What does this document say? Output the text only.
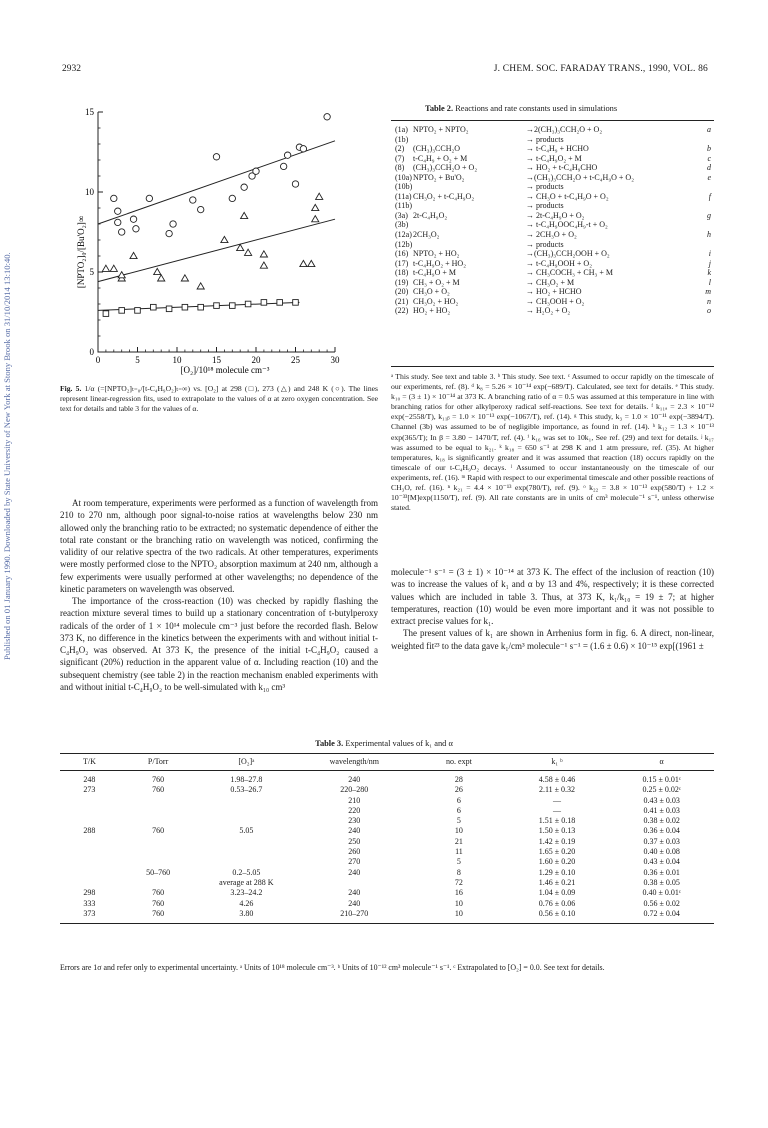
Published on 01 January 1990. Downloaded by State University of New York at Stony Brook on 31/10/2014 13:10:40.
2932	J. CHEM. SOC. FARADAY TRANS., 1990, VOL. 86
0	5	10	15	20	25	30
0
5
10
15
[O₂]/10¹⁸ molecule cm⁻³
[NPTO₂]₀/[Bu'O₂]∞
Fig. 5. 1/α (=[NPTO₂]ₜ₌₀/[t-C₄H₉O₂]ₜ₌∞) vs. [O₂] at 298 (□), 273 (△) and 248 K (○). The lines represent linear-regression fits, used to extrapolate to the values of α at zero oxygen concentration. See text for details and table 3 for the values of α.
Table 2. Reactions and rate constants used in simulations
(1a) NPTO₂ + NPTO₂	→2(CH₃)₃CCH₂O + O₂	a
(1b)	→ products
(2)	(CH₃)₃CCH₂O	→ t-C₄H₉ + HCHO	b
(7)	t-C₄H₉ + O₂ + M	→ t-C₄H₉O₂ + M	c
(8)	(CH₃)₃CCH₂O + O₂	→ HO₂ + t-C₄H₉CHO	d
(10a) NPTO₂ + Bu'O₂	→(CH₃)₃CCH₂O + t-C₄H₉O + O₂	e
(10b)	→ products
(11a) CH₃O₂ + t-C₄H₉O₂	→ CH₃O + t-C₄H₉O + O₂	f
(11b)	→ products
(3a) 2t-C₄H₉O₂	→ 2t-C₄H₉O + O₂	g
(3b)	→ t-C₄H₉OOC₄H₉-t + O₂
(12a) 2CH₃O₂	→ 2CH₃O + O₂	h
(12b)	→ products
(16) NPTO₂ + HO₂	→(CH₃)₃CCH₂OOH + O₂	i
(17) t-C₄H₉O₂ + HO₂	→ t-C₄H₉OOH + O₂	j
(18) t-C₄H₉O + M	→ CH₃COCH₃ + CH₃ + M	k
(19) CH₃ + O₂ + M	→ CH₃O₂ + M	l
(20) CH₃O + O₂	→ HO₂ + HCHO	m
(21) CH₃O₂ + HO₂	→ CH₃OOH + O₂	n
(22) HO₂ + HO₂	→ H₂O₂ + O₂	o
ᵃ This study. See text and table 3. ᵇ This study. See text. ᶜ Assumed to occur rapidly on the timescale of our experiments, ref. (8). ᵈ k₈ = 5.26 × 10⁻¹⁴ exp(−689/T). Calculated, see text for details. ᵉ This study. k₁₀ = (3 ± 1) × 10⁻¹⁴ at 373 K. A branching ratio of α = 0.5 was assumed at this temperature in line with branching ratios for other alkylperoxy radical self-reactions. See text for details. ᶠ k₁₁ₐ = 2.3 × 10⁻¹² exp(−2558/T), k₁₁ᵦ = 1.0 × 10⁻¹³ exp(−1067/T), ref. (14). ᵍ This study, k₃ = 1.0 × 10⁻¹¹ exp(−3894/T). Channel (3b) was assumed to be of negligible importance, as found in ref. (14). ʰ k₁₂ = 1.3 × 10⁻¹³ exp(365/T); In β = 3.80 − 1470/T, ref. (4). ⁱ k₁₆ was set to 10k₁, See ref. (29) and text for details. ʲ k₁₇ was assumed to be equal to k₂₁. ᵏ k₁₈ = 650 s⁻¹ at 298 K and 1 atm pressure, ref. (35). At higher temperatures, k₁₈ is significantly greater and it was assumed that reaction (18) occurs rapidly on the timescale of our t-C₄H₉O₂ decays. ˡ Assumed to occur instantaneously on the timescale of our experiments, ref. (16). ᵐ Rapid with respect to our experimental timescale and other possible reactions of CH₃O, ref. (16). ⁿ k₂₁ = 4.4 × 10⁻¹³ exp(780/T), ref. (9). ᵒ k₂₂ = 3.8 × 10⁻¹³ exp(580/T) + 1.2 × 10⁻³³[M]exp(1150/T), ref. (9). All rate constants are in units of cm³ molecule⁻¹ s⁻¹, unless otherwise stated.

At room temperature, experiments were performed as a function of wavelength from 210 to 270 nm, although poor signal-to-noise ratios at wavelengths below 230 nm allowed only the branching ratio to be extracted; no systematic dependence of either the total rate constant or the branching ratio on wavelength was noticed, confirming the validity of our relative spectra of the two radicals. At other temperatures, experiments were mostly performed close to the NPTO₂ absorption maximum at 240 nm, although a few experiments were usually performed at other wavelengths; no dependence of the kinetic parameters on wavelength was observed.

The importance of the cross-reaction (10) was checked by rapidly flashing the reaction mixture several times to build up a stationary concentration of t-butylperoxy radicals of the order of 1 × 10¹⁴ molecule cm⁻³ just before the recorded flash. Below 373 K, no difference in the kinetics between the experiments with and without initial t-C₄H₉O₂ was observed. At 373 K, the presence of the initial t-C₄H₉O₂ caused a significant (20%) reduction in the apparent value of α. Including reaction (10) and the subsequent chemistry (see table 2) in the reaction mechanism enabled experiments with and without initial t-C₄H₉O₂ to be well-simulated with k₁₀ cm³

molecule⁻¹ s⁻¹ = (3 ± 1) × 10⁻¹⁴ at 373 K. The effect of the inclusion of reaction (10) was to increase the values of k₁ and α by 13 and 4%, respectively; it is these corrected values which are included in table 3. Thus, at 373 K, k₁/k₁₀ = 19 ± 7; at higher temperatures, reaction (10) would be even more important and it was not possible to extract precise values for k₁.

The present values of k₁ are shown in Arrhenius form in fig. 6. A direct, non-linear, weighted fit²³ to the data gave k₁/cm³ molecule⁻¹ s⁻¹ = (1.6 ± 0.6) × 10⁻¹⁵ exp[(1961 ±

Table 3. Experimental values of k₁ and α
T/K	P/Torr	[O₂]ᵃ	wavelength/nm	no. expt	k₁ ᵇ	α
248	760	1.98–27.8	240	28	4.58 ± 0.46	0.15 ± 0.01ᶜ
273	760	0.53–26.7	220–280	26	2.11 ± 0.32	0.25 ± 0.02ᶜ
			210	6	—	0.43 ± 0.03
			220	6	—	0.41 ± 0.03
			230	5	1.51 ± 0.18	0.38 ± 0.02
288	760	5.05	240	10	1.50 ± 0.13	0.36 ± 0.04
			250	21	1.42 ± 0.19	0.37 ± 0.03
			260	11	1.65 ± 0.20	0.40 ± 0.08
			270	5	1.60 ± 0.20	0.43 ± 0.04
	50–760	0.2–5.05	240	8	1.29 ± 0.10	0.36 ± 0.01
		average at 288 K		72	1.46 ± 0.21	0.38 ± 0.05
298	760	3.23–24.2	240	16	1.04 ± 0.09	0.40 ± 0.01ᶜ
333	760	4.26	240	10	0.76 ± 0.06	0.56 ± 0.02
373	760	3.80	210–270	10	0.56 ± 0.10	0.72 ± 0.04
Errors are 1σ and refer only to experimental uncertainty. ᵃ Units of 10¹⁸ molecule cm⁻³. ᵇ Units of 10⁻¹² cm³ molecule⁻¹ s⁻¹. ᶜ Extrapolated to [O₂] = 0.0. See text for details.
